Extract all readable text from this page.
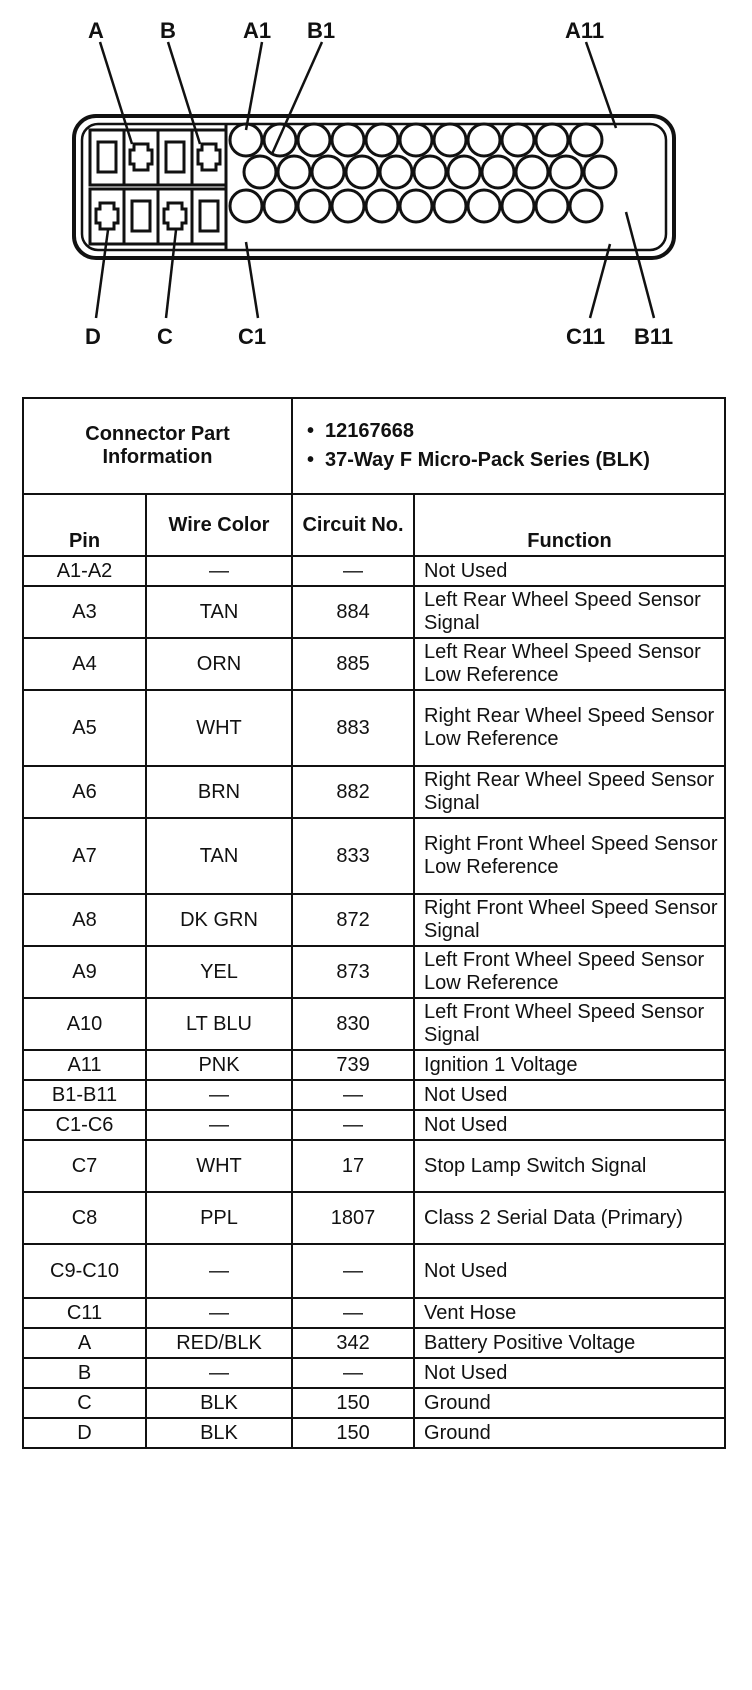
A	B	A1 B1	A11
D	C	C1	C11 B11
Connector Part Information		• 12167668
• 37-Way F Micro-Pack Series (BLK)

Pin	Wire Color	Circuit No.	Function
A1-A2	—	—	Not Used
A3	TAN	884	Left Rear Wheel Speed Sensor Signal
A4	ORN	885	Left Rear Wheel Speed Sensor Low Reference
A5	WHT	883	Right Rear Wheel Speed Sensor Low Reference
A6	BRN	882	Right Rear Wheel Speed Sensor Signal
A7	TAN	833	Right Front Wheel Speed Sensor Low Reference
A8	DK GRN	872	Right Front Wheel Speed Sensor Signal
A9	YEL	873	Left Front Wheel Speed Sensor Low Reference
A10	LT BLU	830	Left Front Wheel Speed Sensor Signal
A11	PNK	739	Ignition 1 Voltage
B1-B11	—	—	Not Used
C1-C6	—	—	Not Used
C7	WHT	17	Stop Lamp Switch Signal
C8	PPL	1807	Class 2 Serial Data (Primary)
C9-C10	—	—	Not Used
C11	—	—	Vent Hose
A	RED/BLK	342	Battery Positive Voltage
B	—	—	Not Used
C	BLK	150	Ground
D	BLK	150	Ground
